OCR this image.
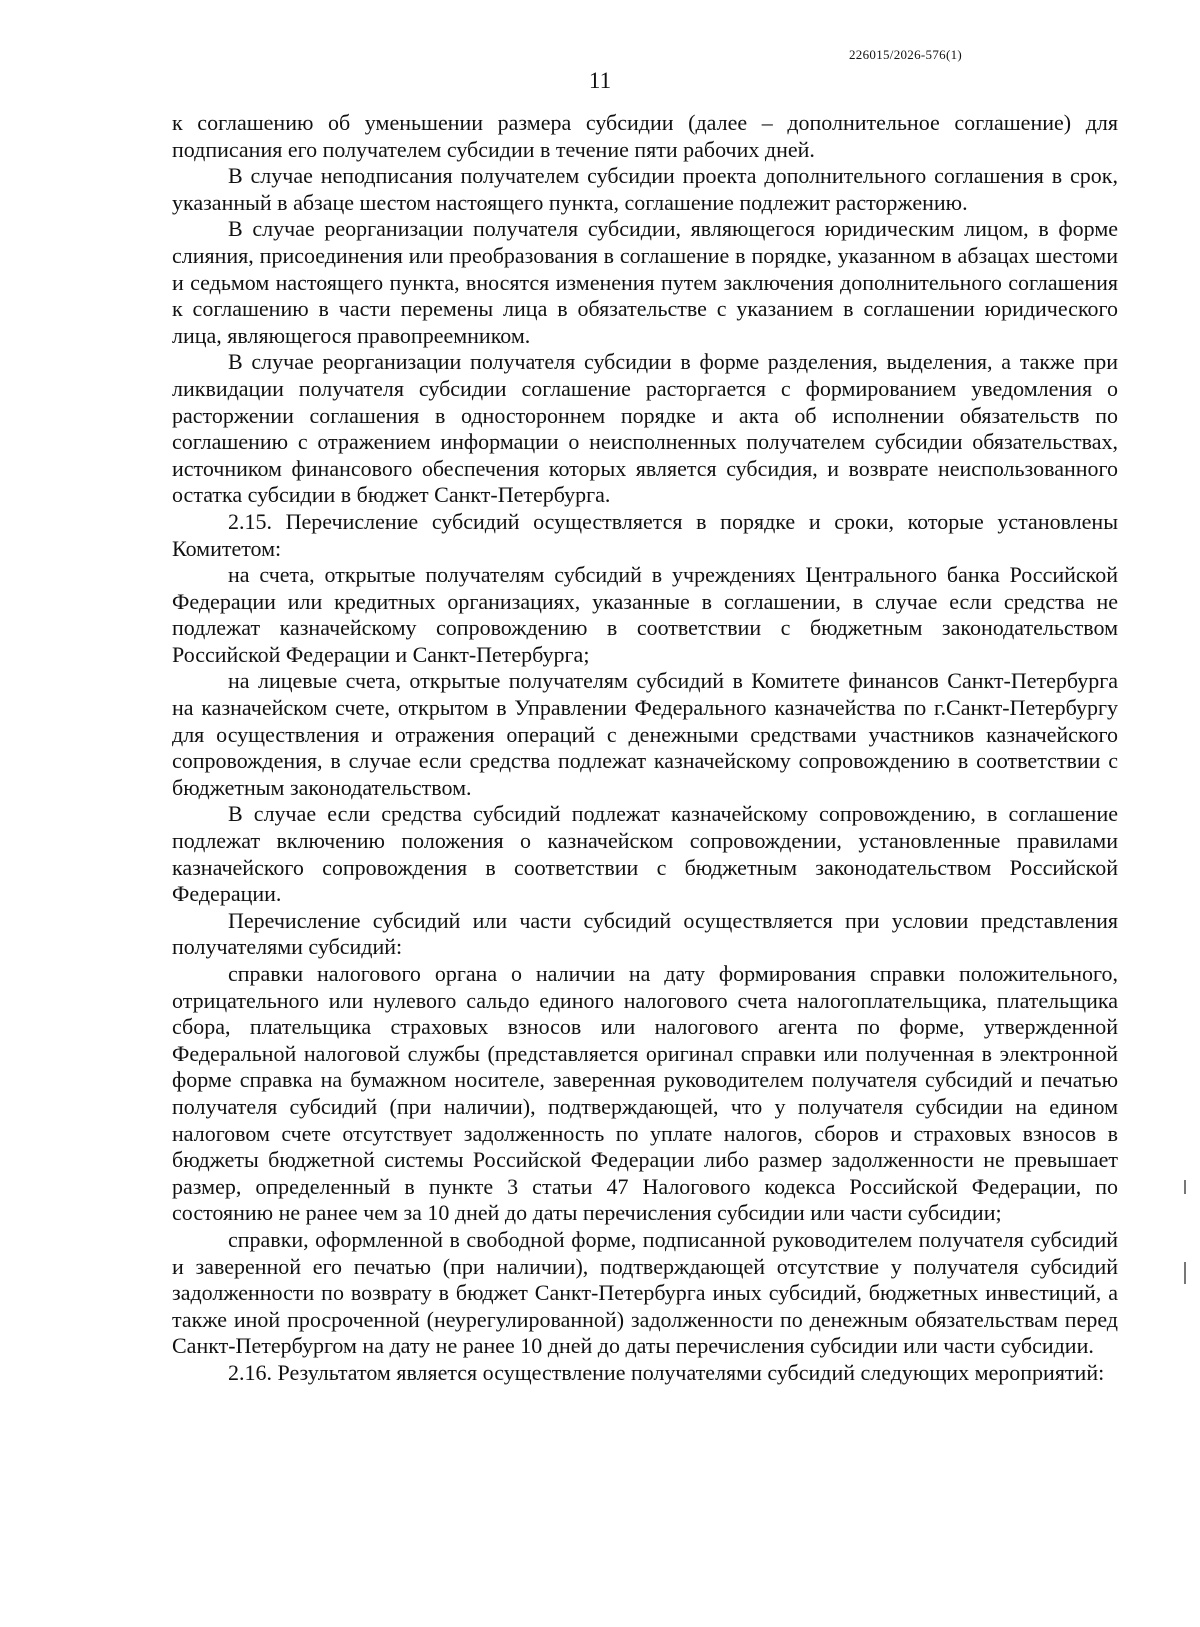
226015/2026-576(1)
11

к соглашению об уменьшении размера субсидии (далее – дополнительное соглашение) для подписания его получателем субсидии в течение пяти рабочих дней.

В случае неподписания получателем субсидии проекта дополнительного соглашения в срок, указанный в абзаце шестом настоящего пункта, соглашение подлежит расторжению.

В случае реорганизации получателя субсидии, являющегося юридическим лицом, в форме слияния, присоединения или преобразования в соглашение в порядке, указанном в абзацах шестоми и седьмом настоящего пункта, вносятся изменения путем заключения дополнительного соглашения к соглашению в части перемены лица в обязательстве с указанием в соглашении юридического лица, являющегося правопреемником.

В случае реорганизации получателя субсидии в форме разделения, выделения, а также при ликвидации получателя субсидии соглашение расторгается с формированием уведомления о расторжении соглашения в одностороннем порядке и акта об исполнении обязательств по соглашению с отражением информации о неисполненных получателем субсидии обязательствах, источником финансового обеспечения которых является субсидия, и возврате неиспользованного остатка субсидии в бюджет Санкт-Петербурга.

2.15. Перечисление субсидий осуществляется в порядке и сроки, которые установлены Комитетом:

на счета, открытые получателям субсидий в учреждениях Центрального банка Российской Федерации или кредитных организациях, указанные в соглашении, в случае если средства не подлежат казначейскому сопровождению в соответствии с бюджетным законодательством Российской Федерации и Санкт-Петербурга;

на лицевые счета, открытые получателям субсидий в Комитете финансов Санкт-Петербурга на казначейском счете, открытом в Управлении Федерального казначейства по г.Санкт-Петербургу для осуществления и отражения операций с денежными средствами участников казначейского сопровождения, в случае если средства подлежат казначейскому сопровождению в соответствии с бюджетным законодательством.

В случае если средства субсидий подлежат казначейскому сопровождению, в соглашение подлежат включению положения о казначейском сопровождении, установленные правилами казначейского сопровождения в соответствии с бюджетным законодательством Российской Федерации.

Перечисление субсидий или части субсидий осуществляется при условии представления получателями субсидий:

справки налогового органа о наличии на дату формирования справки положительного, отрицательного или нулевого сальдо единого налогового счета налогоплательщика, плательщика сбора, плательщика страховых взносов или налогового агента по форме, утвержденной Федеральной налоговой службы (представляется оригинал справки или полученная в электронной форме справка на бумажном носителе, заверенная руководителем получателя субсидий и печатью получателя субсидий (при наличии), подтверждающей, что у получателя субсидии на едином налоговом счете отсутствует задолженность по уплате налогов, сборов и страховых взносов в бюджеты бюджетной системы Российской Федерации либо размер задолженности не превышает размер, определенный в пункте 3 статьи 47 Налогового кодекса Российской Федерации, по состоянию не ранее чем за 10 дней до даты перечисления субсидии или части субсидии;

справки, оформленной в свободной форме, подписанной руководителем получателя субсидий и заверенной его печатью (при наличии), подтверждающей отсутствие у получателя субсидий задолженности по возврату в бюджет Санкт-Петербурга иных субсидий, бюджетных инвестиций, а также иной просроченной (неурегулированной) задолженности по денежным обязательствам перед Санкт-Петербургом на дату не ранее 10 дней до даты перечисления субсидии или части субсидии.

2.16. Результатом является осуществление получателями субсидий следующих мероприятий:
